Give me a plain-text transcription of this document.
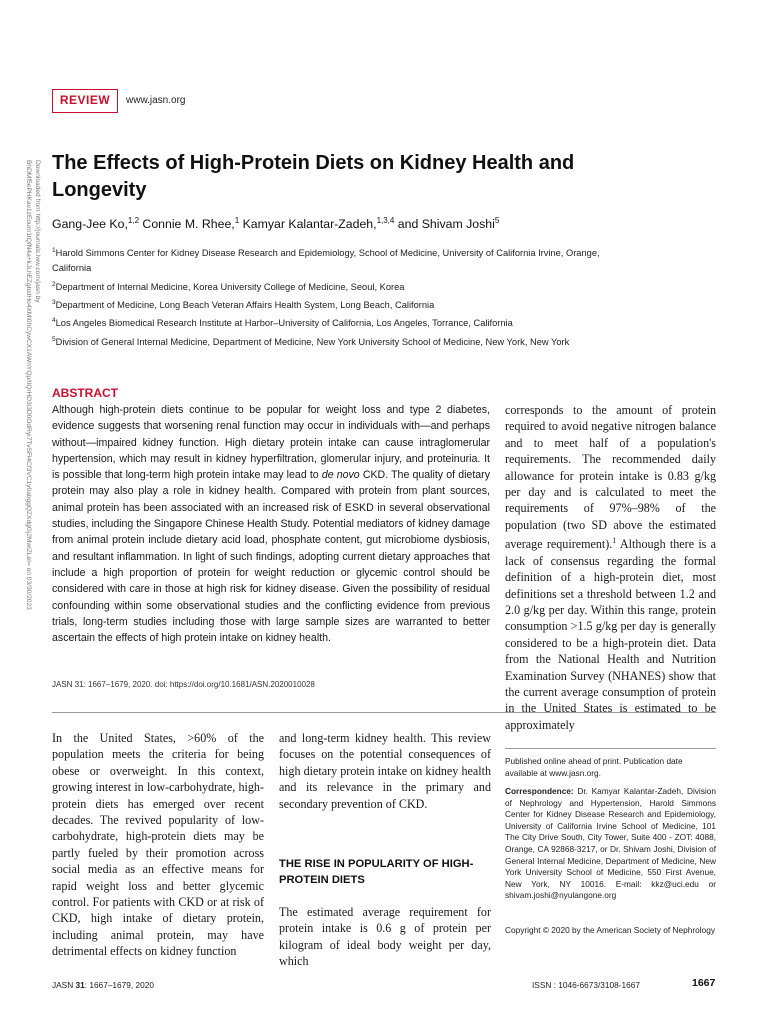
REVIEW	www.jasn.org
Downloaded from http://journals.lww.com/jasn by BhDMf5ePHKav1zEoum1tQfN4a+kJLhEZgbsIHo4XMi0hCywCX1AWnYQp/IlQrHD3i3D0OdRyi7TvSFl4Cf3VC1y0abggQZXdgGj2MwlZLeI= on 03/30/2023	The Effects of High-Protein Diets on Kidney Health and Longevity
Gang-Jee Ko,$^{1,2}$ Connie M. Rhee,$^1$ Kamyar Kalantar-Zadeh,$^{1,3,4}$ and Shivam Joshi$^5$
$^1$Harold Simmons Center for Kidney Disease Research and Epidemiology, School of Medicine, University of California Irvine, Orange, California
$^2$Department of Internal Medicine, Korea University College of Medicine, Seoul, Korea
$^3$Department of Medicine, Long Beach Veteran Affairs Health System, Long Beach, California
$^4$Los Angeles Biomedical Research Institute at Harbor–University of California, Los Angeles, Torrance, California
$^5$Division of General Internal Medicine, Department of Medicine, New York University School of Medicine, New York, New York
ABSTRACT
Although high-protein diets continue to be popular for weight loss and type 2 diabetes, evidence suggests that worsening renal function may occur in individuals with—and perhaps without—impaired kidney function. High dietary protein intake can cause intraglomerular hypertension, which may result in kidney hyperfiltration, glomerular injury, and proteinuria. It is possible that long-term high protein intake may lead to de novo CKD. The quality of dietary protein may also play a role in kidney health. Compared with protein from plant sources, animal protein has been associated with an increased risk of ESKD in several observational studies, including the Singapore Chinese Health Study. Potential mediators of kidney damage from animal protein include dietary acid load, phosphate content, gut microbiome dysbiosis, and resultant inflammation. In light of such findings, adopting current dietary approaches that include a high proportion of protein for weight reduction or glycemic control should be considered with care in those at high risk for kidney disease. Given the possibility of residual confounding within some observational studies and the conflicting evidence from previous trials, long-term studies including those with large sample sizes are warranted to better ascertain the effects of high protein intake on kidney health.
JASN 31: 1667–1679, 2020. doi: https://doi.org/10.1681/ASN.2020010028
corresponds to the amount of protein required to avoid negative nitrogen balance and to meet half of a population's requirements. The recommended daily allowance for protein intake is 0.83 g/kg per day and is calculated to meet the requirements of 97%–98% of the population (two SD above the estimated average requirement).$^1$ Although there is a lack of consensus regarding the formal definition of a high-protein diet, most definitions set a threshold between 1.2 and 2.0 g/kg per day. Within this range, protein consumption >1.5 g/kg per day is generally considered to be a high-protein diet. Data from the National Health and Nutrition Examination Survey (NHANES) show that the current average consumption of protein in the United States is estimated to be approximately
In the United States, >60% of the population meets the criteria for being obese or overweight. In this context, growing interest in low-carbohydrate, high-protein diets has emerged over recent decades. The revived popularity of low-carbohydrate, high-protein diets may be partly fueled by their promotion across social media as an effective means for rapid weight loss and better glycemic control. For patients with CKD or at risk of CKD, high intake of dietary protein, including animal protein, may have detrimental effects on kidney function
and long-term kidney health. This review focuses on the potential consequences of high dietary protein intake on kidney health and its relevance in the primary and secondary prevention of CKD.
THE RISE IN POPULARITY OF HIGH-PROTEIN DIETS
The estimated average requirement for protein intake is 0.6 g of protein per kilogram of ideal body weight per day, which
Published online ahead of print. Publication date available at www.jasn.org.
Correspondence: Dr. Kamyar Kalantar-Zadeh, Division of Nephrology and Hypertension, Harold Simmons Center for Kidney Disease Research and Epidemiology, University of California Irvine School of Medicine, 101 The City Drive South, City Tower, Suite 400 - ZOT: 4088, Orange, CA 92868-3217, or Dr. Shivam Joshi, Division of General Internal Medicine, Department of Medicine, New York University School of Medicine, 550 First Avenue, New York, NY 10016. E-mail: kkz@uci.edu or shivam.joshi@nyulangone.org
Copyright © 2020 by the American Society of Nephrology
JASN 31: 1667–1679, 2020	ISSN : 1046-6673/3108-1667	1667
